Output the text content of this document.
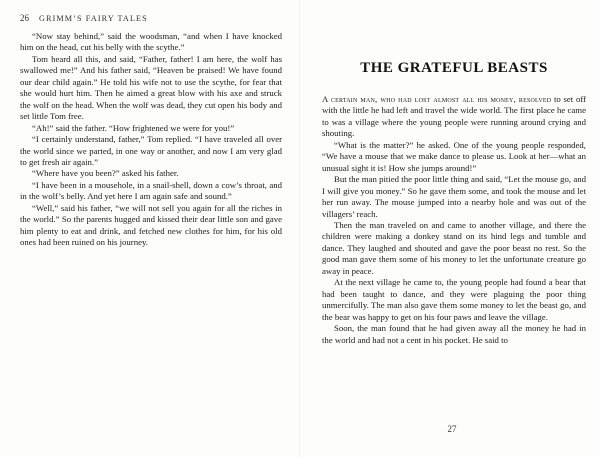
26 GRIMM’S FAIRY TALES

“Now stay behind,” said the woodsman, “and when I have knocked him on the head, cut his belly with the scythe.”

Tom heard all this, and said, “Father, father! I am here, the wolf has swallowed me!” And his father said, “Heaven be praised! We have found our dear child again.” He told his wife not to use the scythe, for fear that she would hurt him. Then he aimed a great blow with his axe and struck the wolf on the head. When the wolf was dead, they cut open his body and set little Tom free.

“Ah!” said the father. “How frightened we were for you!”

“I certainly understand, father,” Tom replied. “I have traveled all over the world since we parted, in one way or another, and now I am very glad to get fresh air again.”

“Where have you been?” asked his father.

“I have been in a mousehole, in a snail-shell, down a cow’s throat, and in the wolf’s belly. And yet here I am again safe and sound.”

“Well,” said his father, “we will not sell you again for all the riches in the world.” So the parents hugged and kissed their dear little son and gave him plenty to eat and drink, and fetched new clothes for him, for his old ones had been ruined on his journey.

THE GRATEFUL BEASTS

A certain man, who had lost almost all his money, resolved to set off with the little he had left and travel the wide world. The first place he came to was a village where the young people were running around crying and shouting.

“What is the matter?” he asked. One of the young people responded, “We have a mouse that we make dance to please us. Look at her—what an unusual sight it is! How she jumps around!”

But the man pitied the poor little thing and said, “Let the mouse go, and I will give you money.” So he gave them some, and took the mouse and let her run away. The mouse jumped into a nearby hole and was out of the villagers’ reach.

Then the man traveled on and came to another village, and there the children were making a donkey stand on its hind legs and tumble and dance. They laughed and shouted and gave the poor beast no rest. So the good man gave them some of his money to let the unfortunate creature go away in peace.

At the next village he came to, the young people had found a bear that had been taught to dance, and they were plaguing the poor thing unmercifully. The man also gave them some money to let the beast go, and the bear was happy to get on his four paws and leave the village.

Soon, the man found that he had given away all the money he had in the world and had not a cent in his pocket. He said to

27
